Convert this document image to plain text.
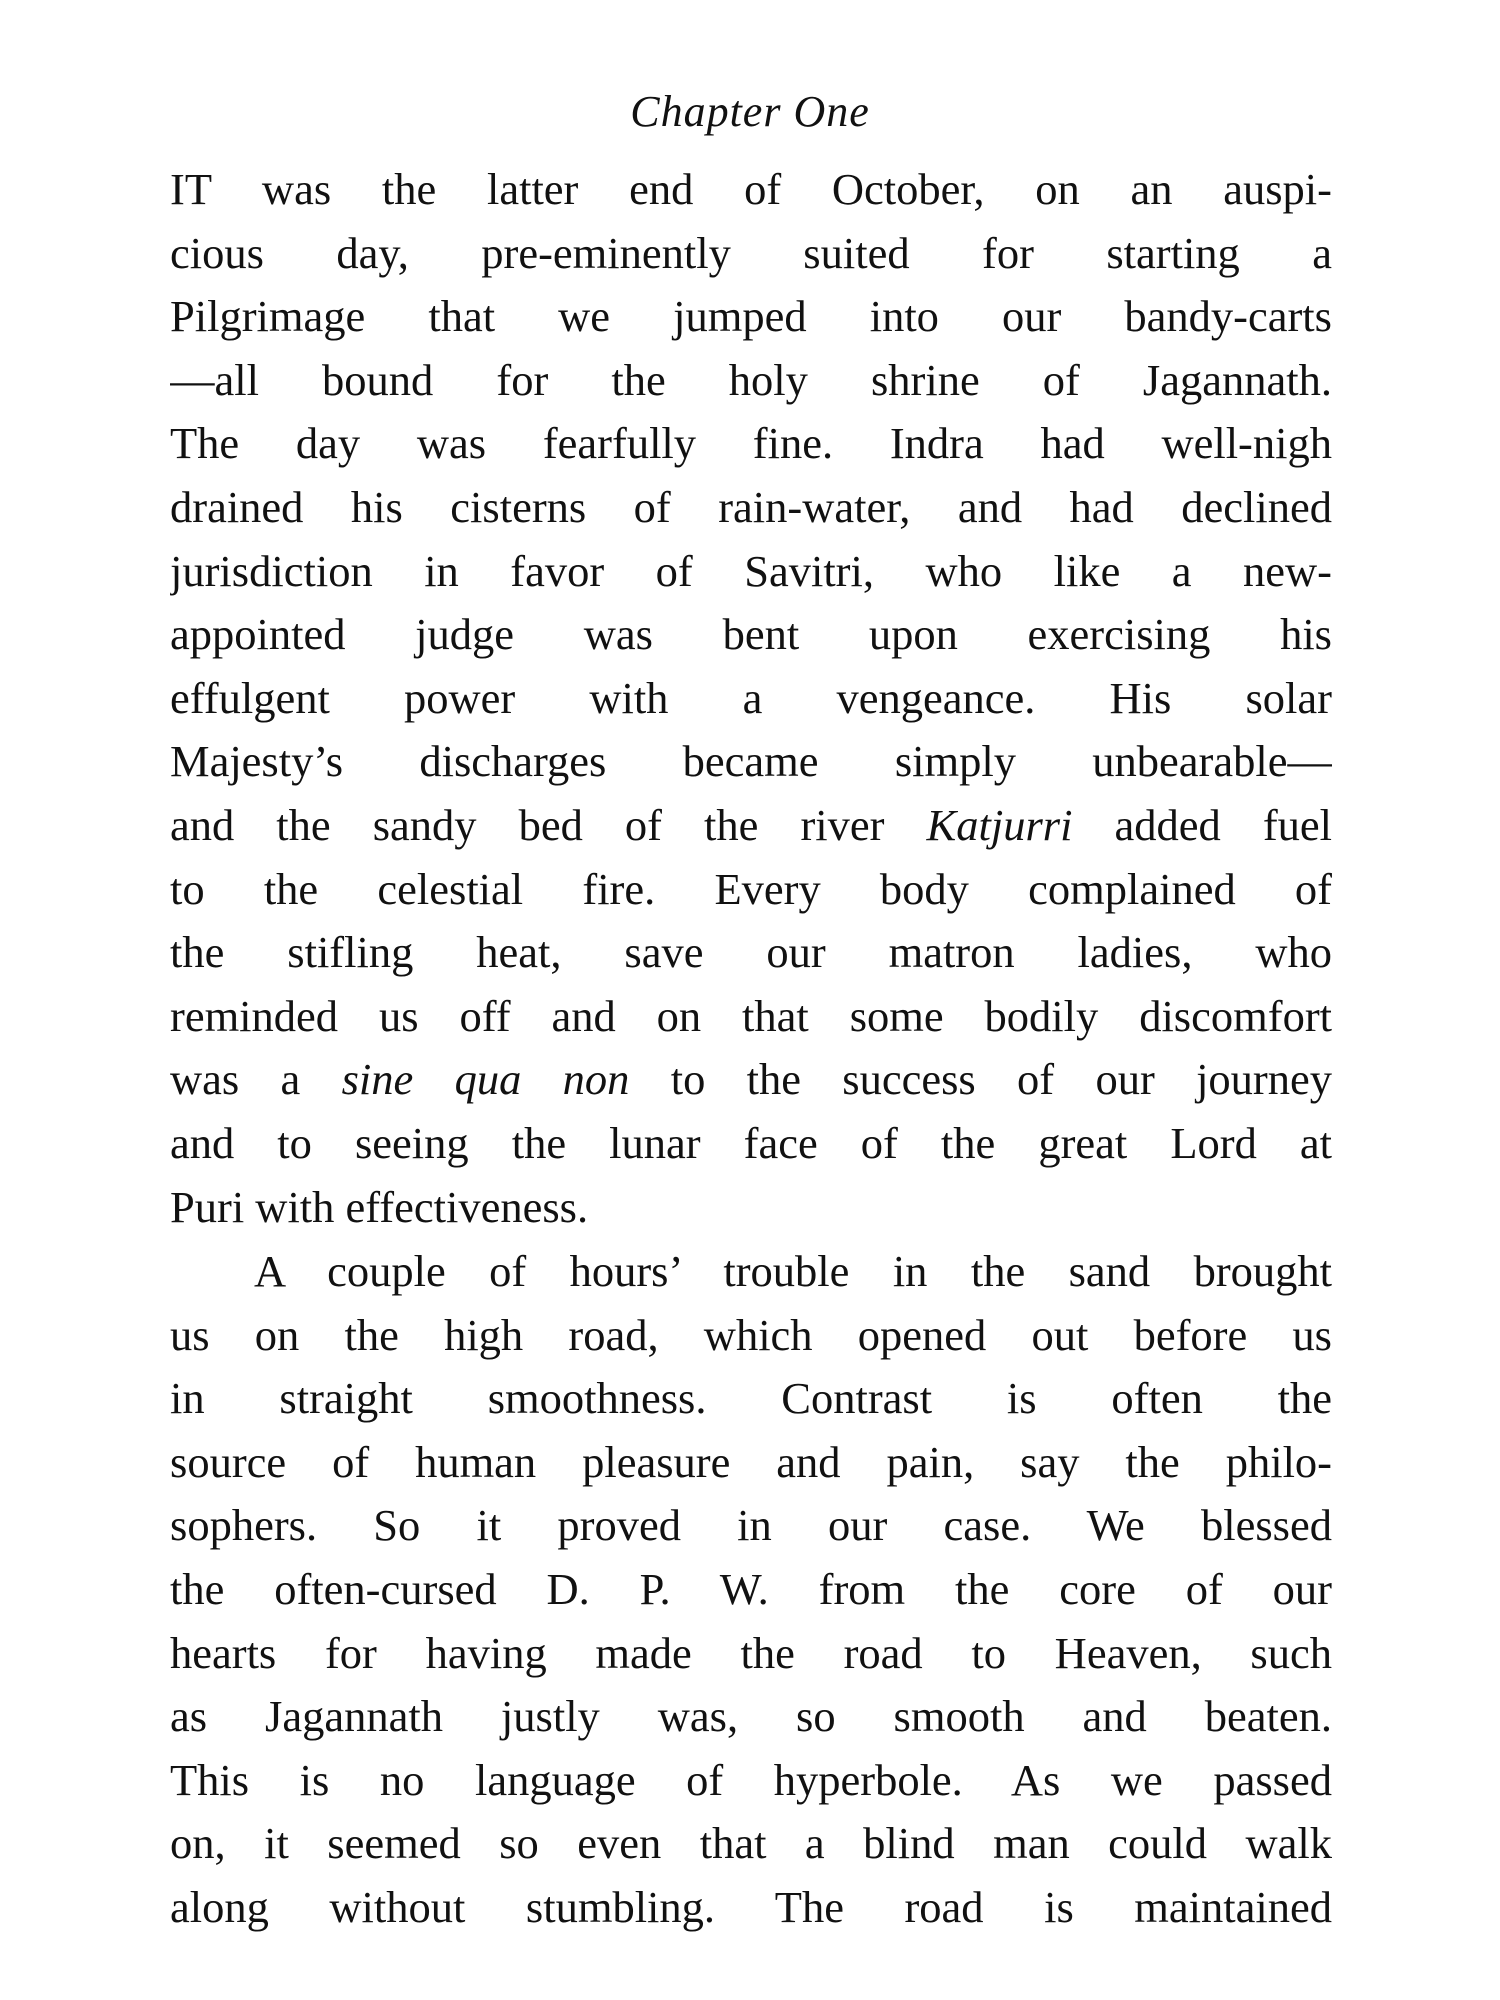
Chapter One
IT was the latter end of October, on an auspi-
cious day, pre-eminently suited for starting a
Pilgrimage that we jumped into our bandy-carts
—all bound for the holy shrine of Jagannath.
The day was fearfully fine. Indra had well-nigh
drained his cisterns of rain-water, and had declined
jurisdiction in favor of Savitri, who like a new-
appointed judge was bent upon exercising his
effulgent power with a vengeance. His solar
Majesty’s discharges became simply unbearable—
and the sandy bed of the river Katjurri added fuel
to the celestial fire. Every body complained of
the stifling heat, save our matron ladies, who
reminded us off and on that some bodily discomfort
was a sine qua non to the success of our journey
and to seeing the lunar face of the great Lord at
Puri with effectiveness.
A couple of hours’ trouble in the sand brought
us on the high road, which opened out before us
in straight smoothness. Contrast is often the
source of human pleasure and pain, say the philo-
sophers. So it proved in our case. We blessed
the often-cursed D. P. W. from the core of our
hearts for having made the road to Heaven, such
as Jagannath justly was, so smooth and beaten.
This is no language of hyperbole. As we passed
on, it seemed so even that a blind man could walk
along without stumbling. The road is maintained
